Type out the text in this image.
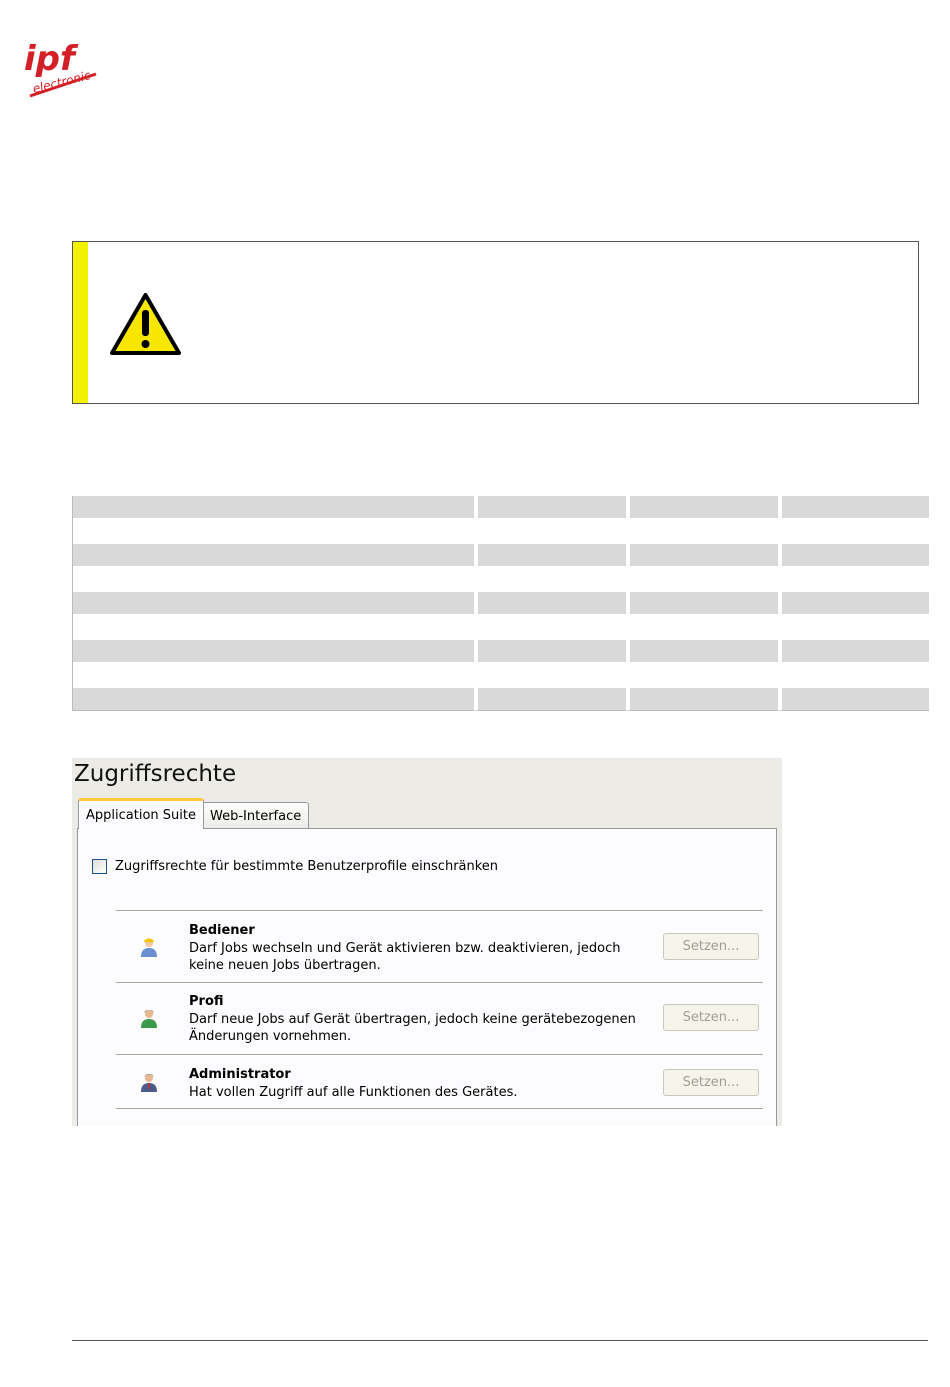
ipf
electronic

Zugriffsrechte
Application Suite	Web-Interface
Zugriffsrechte für bestimmte Benutzerprofile einschränken
Bediener
Darf Jobs wechseln und Gerät aktivieren bzw. deaktivieren, jedoch
keine neuen Jobs übertragen.
Setzen...
Profi
Darf neue Jobs auf Gerät übertragen, jedoch keine gerätebezogenen
Änderungen vornehmen.
Setzen...
Administrator
Hat vollen Zugriff auf alle Funktionen des Gerätes.
Setzen...
